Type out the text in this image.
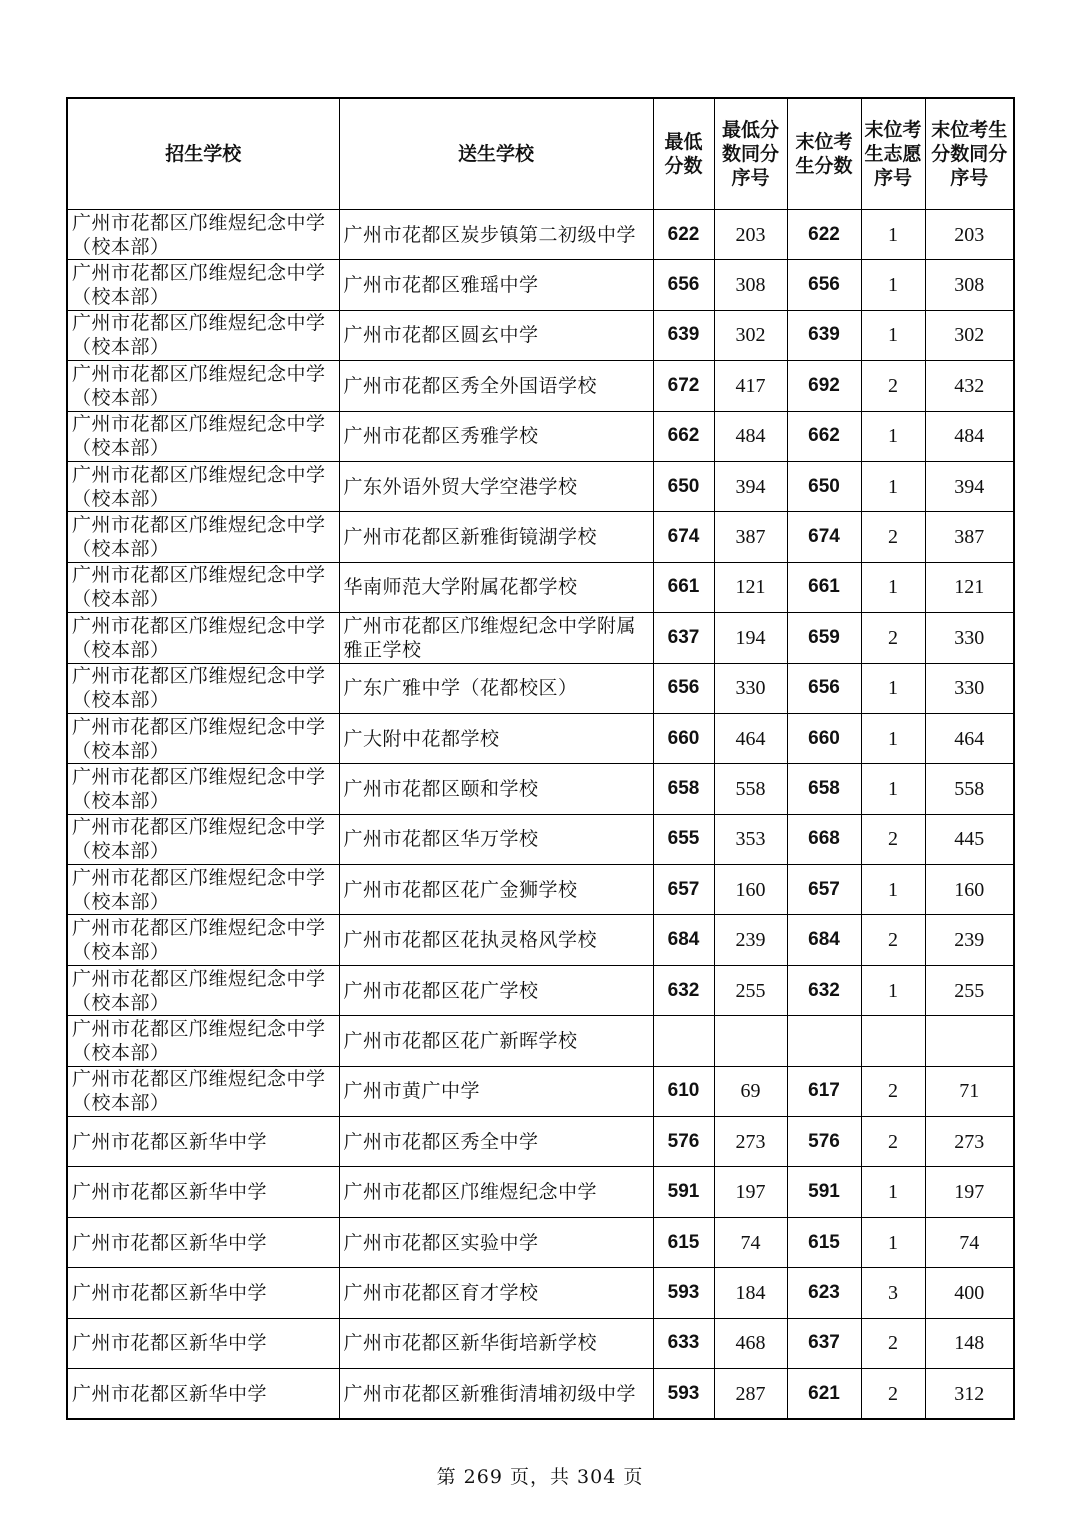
招生学校	送生学校	最低分数	最低分数同分序号	末位考生分数	末位考生志愿序号	末位考生分数同分序号
广州市花都区邝维煜纪念中学（校本部）	广州市花都区炭步镇第二初级中学	622	203	622	1	203
广州市花都区邝维煜纪念中学（校本部）	广州市花都区雅瑶中学	656	308	656	1	308
广州市花都区邝维煜纪念中学（校本部）	广州市花都区圆玄中学	639	302	639	1	302
广州市花都区邝维煜纪念中学（校本部）	广州市花都区秀全外国语学校	672	417	692	2	432
广州市花都区邝维煜纪念中学（校本部）	广州市花都区秀雅学校	662	484	662	1	484
广州市花都区邝维煜纪念中学（校本部）	广东外语外贸大学空港学校	650	394	650	1	394
广州市花都区邝维煜纪念中学（校本部）	广州市花都区新雅街镜湖学校	674	387	674	2	387
广州市花都区邝维煜纪念中学（校本部）	华南师范大学附属花都学校	661	121	661	1	121
广州市花都区邝维煜纪念中学（校本部）	广州市花都区邝维煜纪念中学附属雅正学校	637	194	659	2	330
广州市花都区邝维煜纪念中学（校本部）	广东广雅中学（花都校区）	656	330	656	1	330
广州市花都区邝维煜纪念中学（校本部）	广大附中花都学校	660	464	660	1	464
广州市花都区邝维煜纪念中学（校本部）	广州市花都区颐和学校	658	558	658	1	558
广州市花都区邝维煜纪念中学（校本部）	广州市花都区华万学校	655	353	668	2	445
广州市花都区邝维煜纪念中学（校本部）	广州市花都区花广金狮学校	657	160	657	1	160
广州市花都区邝维煜纪念中学（校本部）	广州市花都区花执灵格风学校	684	239	684	2	239
广州市花都区邝维煜纪念中学（校本部）	广州市花都区花广学校	632	255	632	1	255
广州市花都区邝维煜纪念中学（校本部）	广州市花都区花广新晖学校					
广州市花都区邝维煜纪念中学（校本部）	广州市黄广中学	610	69	617	2	71
广州市花都区新华中学	广州市花都区秀全中学	576	273	576	2	273
广州市花都区新华中学	广州市花都区邝维煜纪念中学	591	197	591	1	197
广州市花都区新华中学	广州市花都区实验中学	615	74	615	1	74
广州市花都区新华中学	广州市花都区育才学校	593	184	623	3	400
广州市花都区新华中学	广州市花都区新华街培新学校	633	468	637	2	148
广州市花都区新华中学	广州市花都区新雅街清埔初级中学	593	287	621	2	312
第 269 页，共 304 页
